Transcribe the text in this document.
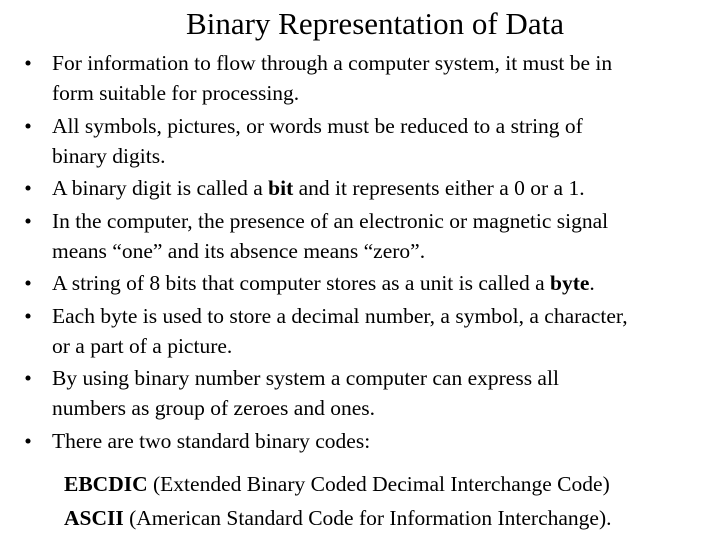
Binary Representation of Data
• For information to flow through a computer system, it must be in
form suitable for processing.
• All symbols, pictures, or words must be reduced to a string of
binary digits.
• A binary digit is called a bit and it represents either a 0 or a 1.
• In the computer, the presence of an electronic or magnetic signal
means “one” and its absence means “zero”.
• A string of 8 bits that computer stores as a unit is called a byte.
• Each byte is used to store a decimal number, a symbol, a character,
or a part of a picture.
• By using binary number system a computer can express all
numbers as group of zeroes and ones.
• There are two standard binary codes:
EBCDIC (Extended Binary Coded Decimal Interchange Code)
ASCII (American Standard Code for Information Interchange).
